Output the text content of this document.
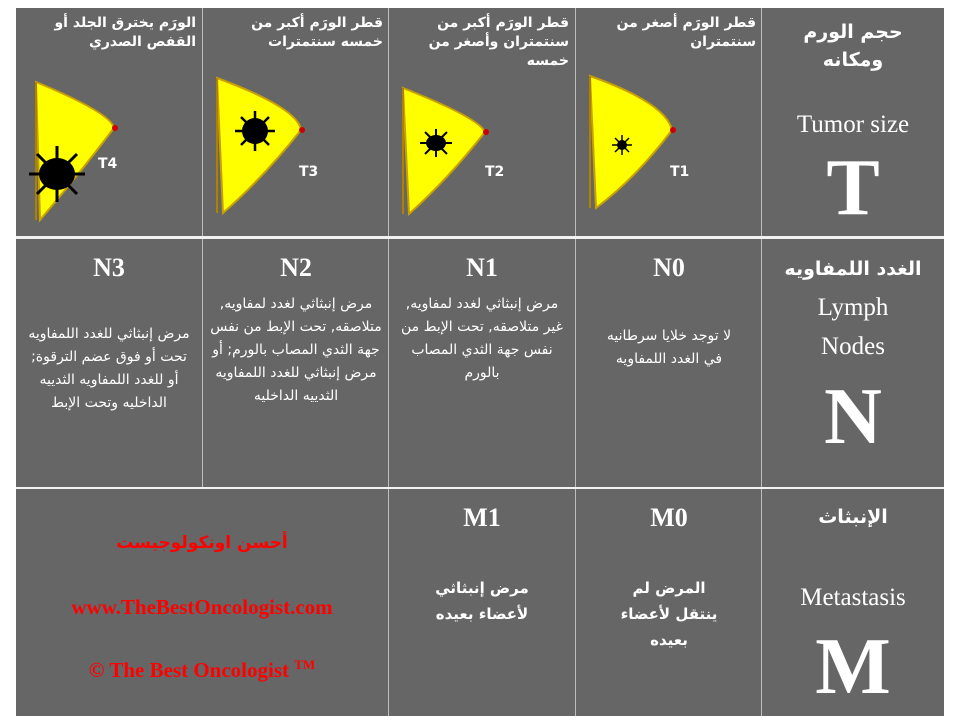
حجم الورم ومكانه
Tumor size
T
قطر الورَم أصغر من سنتمتران
T1
قطر الورَم أكبر من سنتمتران وأصغر من خمسه
T2
قطر الورَم أكبر من خمسه سنتمترات
T3
الورَم يخترق الجلد أو القفص الصدري
T4
الغدد اللمفاويه
Lymph
Nodes
N
N0
لا توجد خلايا سرطانيه في الغدد اللمفاويه
N1
مرض إنبثاثي لغدد لمفاويه, غير متلاصقه, تحت الإبط من نفس جهة الثدي المصاب بالورم
N2
مرض إنبثاثي لغدد لمفاويه, متلاصقه, تحت الإبط من نفس جهة الثدي المصاب بالورم; أو مرض إنبثاثي للغدد اللمفاويه الثدييه الداخليه
N3
مرض إنبثاثي للغدد اللمفاويه تحت أو فوق عضم الترقوة; أو للغدد اللمفاويه الثدييه الداخليه وتحت الإبط
الإنبثاث
Metastasis
M
M0
المرض لم ينتقل لأعضاء بعيده
M1
مرض إنبثاثي لأعضاء بعيده
أحسن اونكولوجيست
www.TheBestOncologist.com
© The Best Oncologist ™
